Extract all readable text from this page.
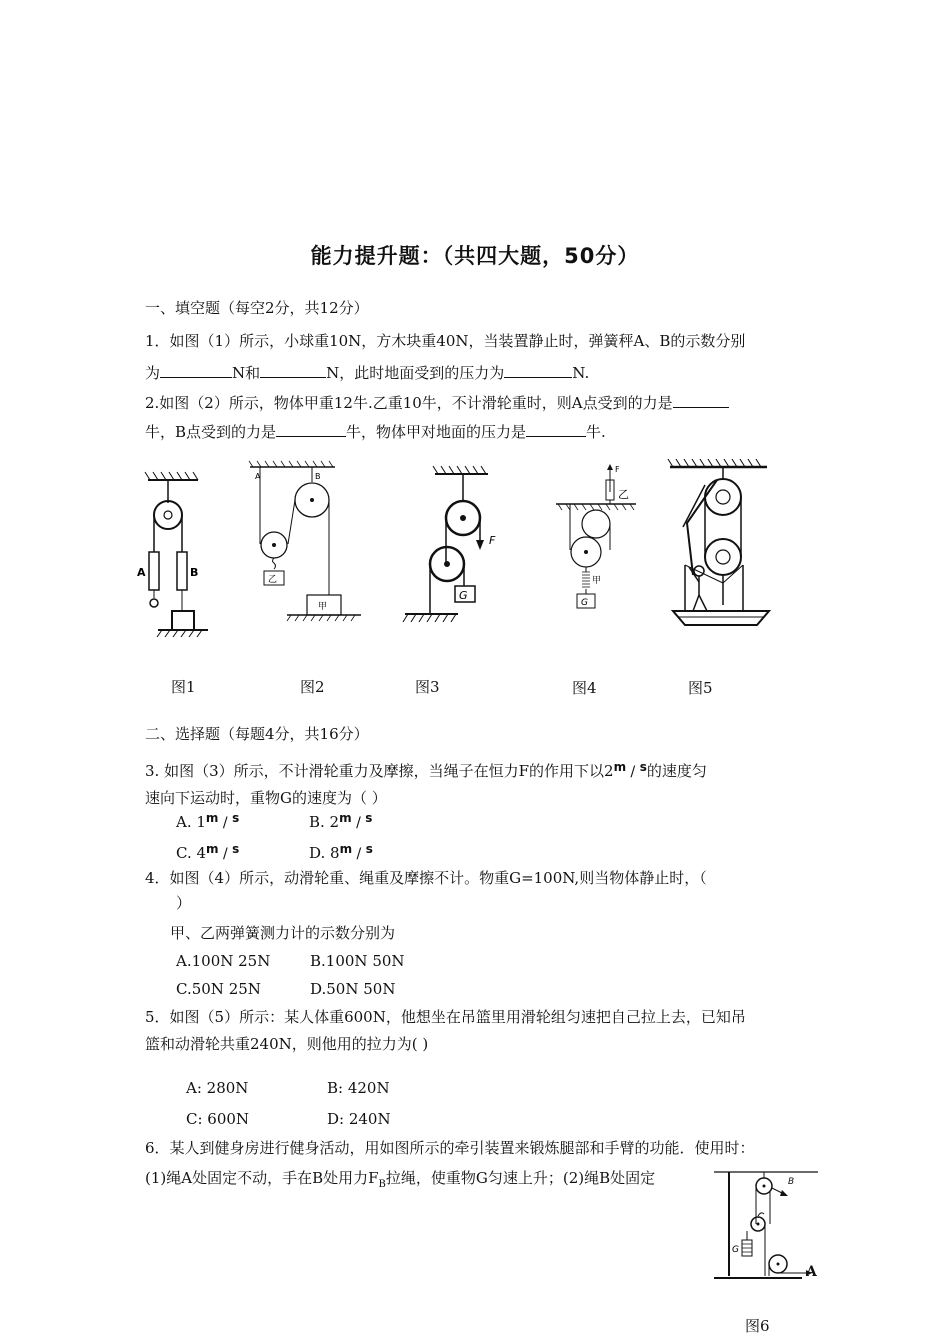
能力提升题：（共四大题，50分）
一、填空题（每空2分，共12分）
1．如图（1）所示，小球重10N，方木块重40N，当装置静止时，弹簧秤A、B的示数分别
为	N和	N，此时地面受到的压力为	N.
2.如图（2）所示，物体甲重12牛.乙重10牛，不计滑轮重时，则A点受到的力是
牛，B点受到的力是	牛，物体甲对地面的压力是	牛.
A	B
A	B
乙
甲
F
G
F
乙
甲
G
图1	图2	图3	图4	图5
二、选择题（每题4分，共16分）
3. 如图（3）所示，不计滑轮重力及摩擦，当绳子在恒力F的作用下以2$^m$ / $^s$的速度匀
速向下运动时，重物G的速度为（ ）
A. 1$^m$ / $^s$	B. 2$^m$ / $^s$
C. 4$^m$ / $^s$	D. 8$^m$ / $^s$
4．如图（4）所示，动滑轮重、绳重及摩擦不计。物重G=100N,则当物体静止时，（
）
甲、乙两弹簧测力计的示数分别为
A.100N 25N	B.100N 50N
C.50N 25N	D.50N 50N
5．如图（5）所示：某人体重600N，他想坐在吊篮里用滑轮组匀速把自己拉上去，已知吊
篮和动滑轮共重240N，则他用的拉力为( )
A: 280N	B: 420N
C: 600N	D: 240N
6．某人到健身房进行健身活动，用如图所示的牵引装置来锻炼腿部和手臂的功能．使用时：
(1)绳A处固定不动，手在B处用力$F_B$拉绳，使重物G匀速上升；(2)绳B处固定
G
B
A
图6
